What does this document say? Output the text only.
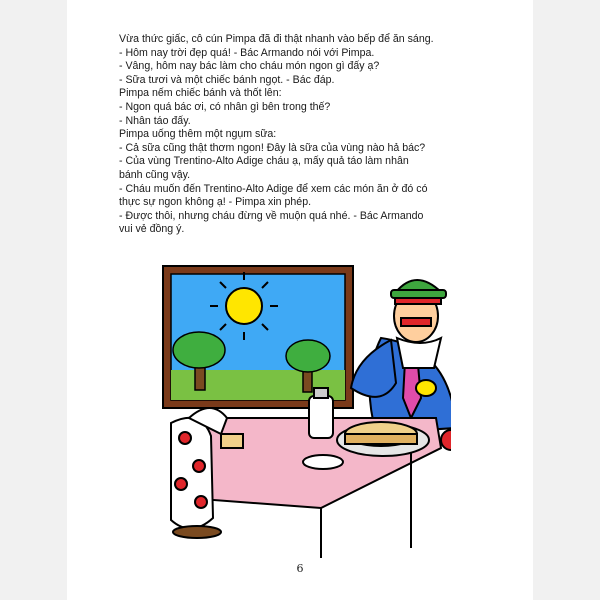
Vừa thức giấc, cô cún Pimpa đã đi thật nhanh vào bếp để ăn sáng.
- Hôm nay trời đẹp quá! - Bác Armando nói với Pimpa.
- Vâng, hôm nay bác làm cho cháu món ngon gì đấy ạ?
- Sữa tươi và một chiếc bánh ngọt. - Bác đáp.
Pimpa nếm chiếc bánh và thốt lên:
- Ngon quá bác ơi, có nhân gì bên trong thế?
- Nhân táo đấy.
Pimpa uống thêm một ngụm sữa:
- Cả sữa cũng thật thơm ngon! Đây là sữa của vùng nào hả bác?
- Của vùng Trentino-Alto Adige cháu ạ, mấy quả táo làm nhân
bánh cũng vậy.
- Cháu muốn đến Trentino-Alto Adige để xem các món ăn ở đó có
thực sự ngon không ạ! - Pimpa xin phép.
- Được thôi, nhưng cháu đừng về muộn quá nhé. - Bác Armando
vui vẻ đồng ý.
6
